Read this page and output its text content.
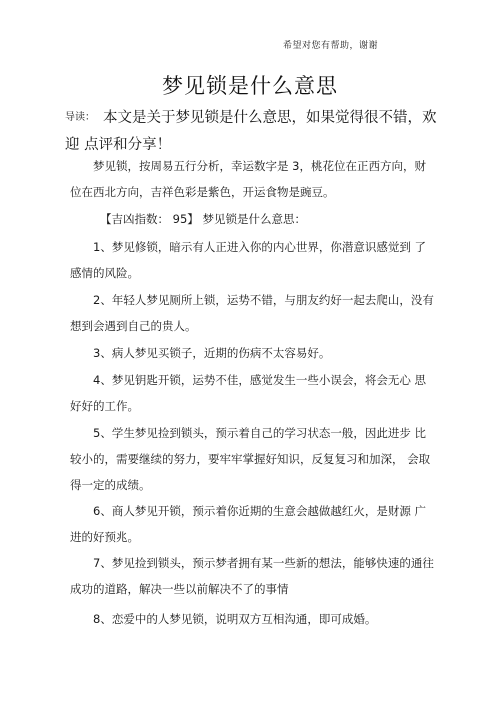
希望对您有帮助，谢谢
梦见锁是什么意思
导读： 本文是关于梦见锁是什么意思，如果觉得很不错，欢迎 点评和分享！
梦见锁，按周易五行分析，幸运数字是 3，桃花位在正西方向，财位在西北方向，吉祥色彩是紫色，开运食物是豌豆。
【吉凶指数： 95】 梦见锁是什么意思：
1、梦见修锁，暗示有人正进入你的内心世界，你潜意识感觉到 了感情的风险。
2、年轻人梦见厕所上锁，运势不错，与朋友约好一起去爬山，没有想到会遇到自己的贵人。
3、病人梦见买锁子，近期的伤病不太容易好。
4、梦见钥匙开锁，运势不佳，感觉发生一些小误会，将会无心 思好好的工作。
5、学生梦见捡到锁头，预示着自己的学习状态一般，因此进步 比较小的，需要继续的努力，要牢牢掌握好知识，反复复习和加深， 会取得一定的成绩。
6、商人梦见开锁，预示着你近期的生意会越做越红火，是财源 广进的好预兆。
7、梦见捡到锁头，预示梦者拥有某一些新的想法，能够快速的通往成功的道路，解决一些以前解决不了的事情
8、恋爱中的人梦见锁，说明双方互相沟通，即可成婚。
